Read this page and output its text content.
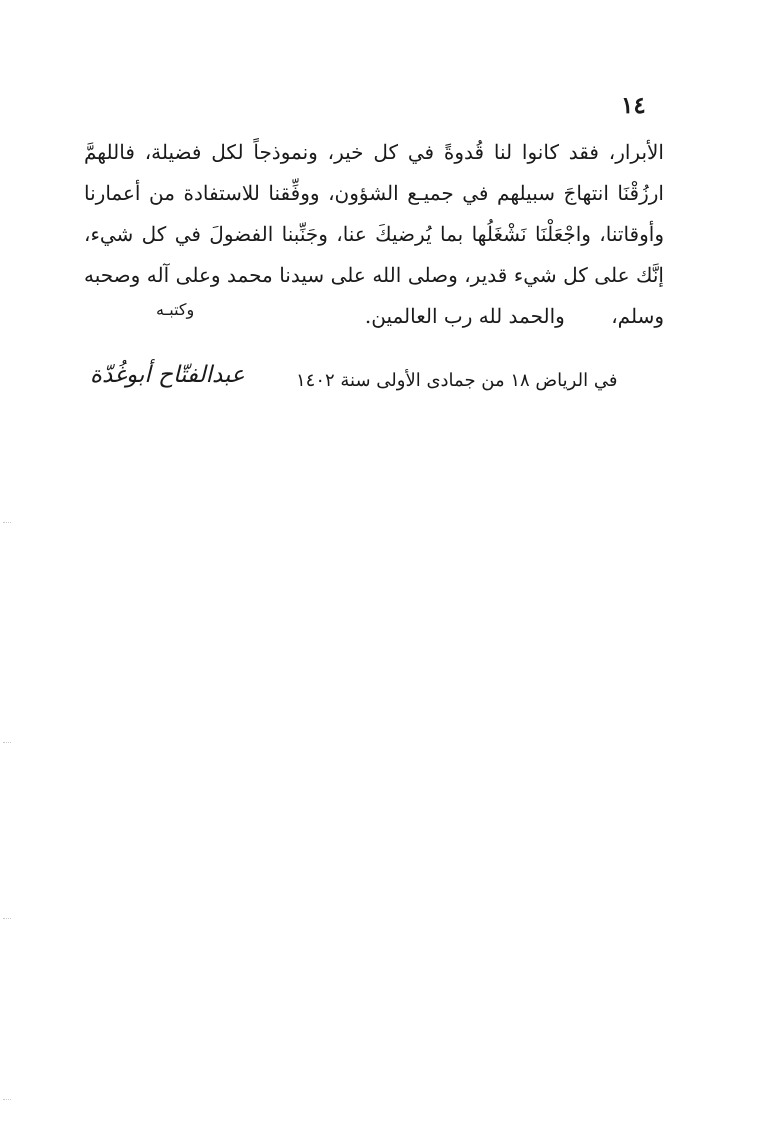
١٤
الأبرار، فقد كانوا لنا قُدوةً في كل خير، ونموذجاً لكل فضيلة، فاللهمَّ
ارزُقْنَا انتهاجَ سبيلهم في جميـع الشؤون، ووفِّقنا للاستفادة من أعمارنا
وأوقاتنا، واجْعَلْنَا نَشْغَلُها بما يُرضيكَ عنا، وجَنِّبنا الفضولَ في كل شيء،
إنَّك على كل شيء قدير، وصلى الله على سيدنا محمد وعلى آله وصحبه
وسلم، والحمد لله رب العالمين.
وكتبـه
في الرياض ١٨ من جمادى الأولى سنة ١٤٠٢
عبدالفتّاح أبوغُدّة
